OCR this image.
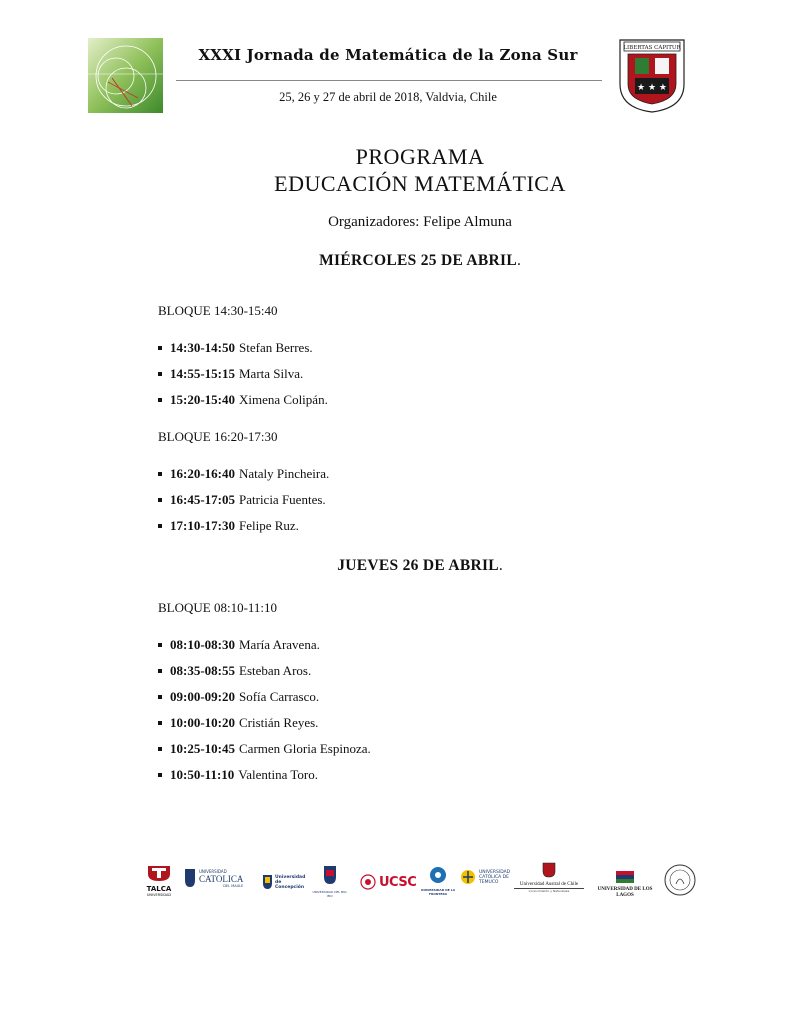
XXXI Jornada de Matemática de la Zona Sur
25, 26 y 27 de abril de 2018, Valdvia, Chile
LIBERTAS CAPITUR
★ ★ ★
PROGRAMA
EDUCACIÓN MATEMÁTICA
Organizadores: Felipe Almuna
MIÉRCOLES 25 DE ABRIL.
BLOQUE 14:30-15:40
14:30-14:50 Stefan Berres.
14:55-15:15 Marta Silva.
15:20-15:40 Ximena Colipán.
BLOQUE 16:20-17:30
16:20-16:40 Nataly Pincheira.
16:45-17:05 Patricia Fuentes.
17:10-17:30 Felipe Ruz.
JUEVES 26 DE ABRIL.
BLOQUE 08:10-11:10
08:10-08:30 María Aravena.
08:35-08:55 Esteban Aros.
09:00-09:20 Sofía Carrasco.
10:00-10:20 Cristián Reyes.
10:25-10:45 Carmen Gloria Espinoza.
10:50-11:10 Valentina Toro.
TALCA
UNIVERSIDAD
UNIVERSIDAD
CATOLICA
DEL MAULE
Universidad de Concepción
UNIVERSIDAD DEL BÍO-BÍO
UCSC
UNIVERSIDAD DE LA FRONTERA
UNIVERSIDAD CATÓLICA DE TEMUCO	Universidad Austral de Chile
Conocimiento y Naturaleza	UNIVERSIDAD DE LOS LAGOS
